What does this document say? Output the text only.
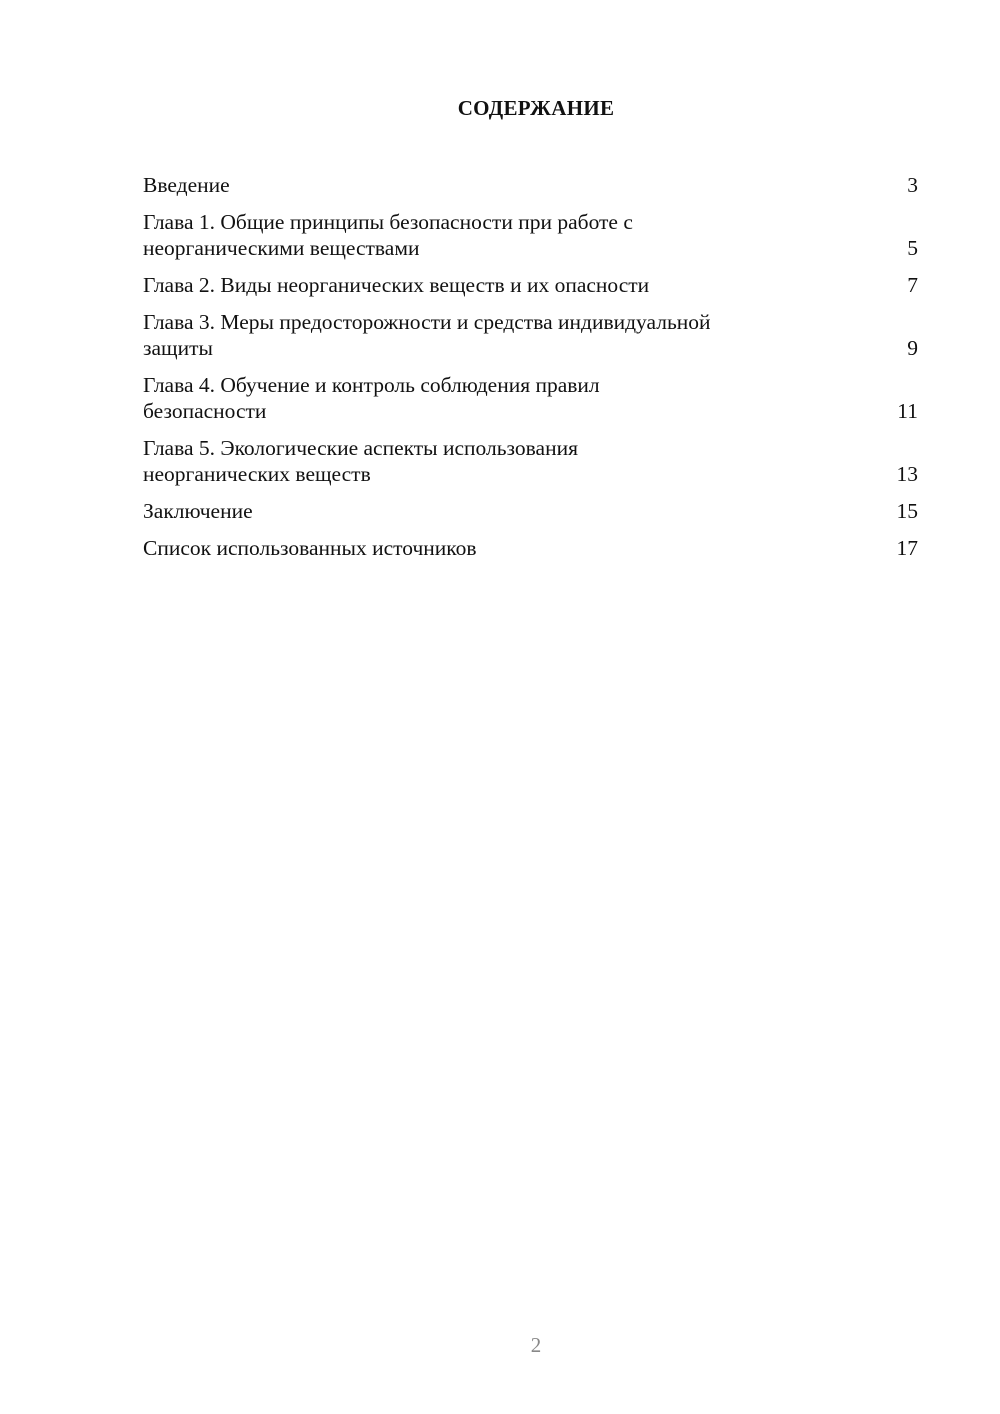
СОДЕРЖАНИЕ
Введение	3
Глава 1. Общие принципы безопасности при работе с
неорганическими веществами	5
Глава 2. Виды неорганических веществ и их опасности	7
Глава 3. Меры предосторожности и средства индивидуальной
защиты	9
Глава 4. Обучение и контроль соблюдения правил
безопасности	11
Глава 5. Экологические аспекты использования
неорганических веществ	13
Заключение	15
Список использованных источников	17
2
